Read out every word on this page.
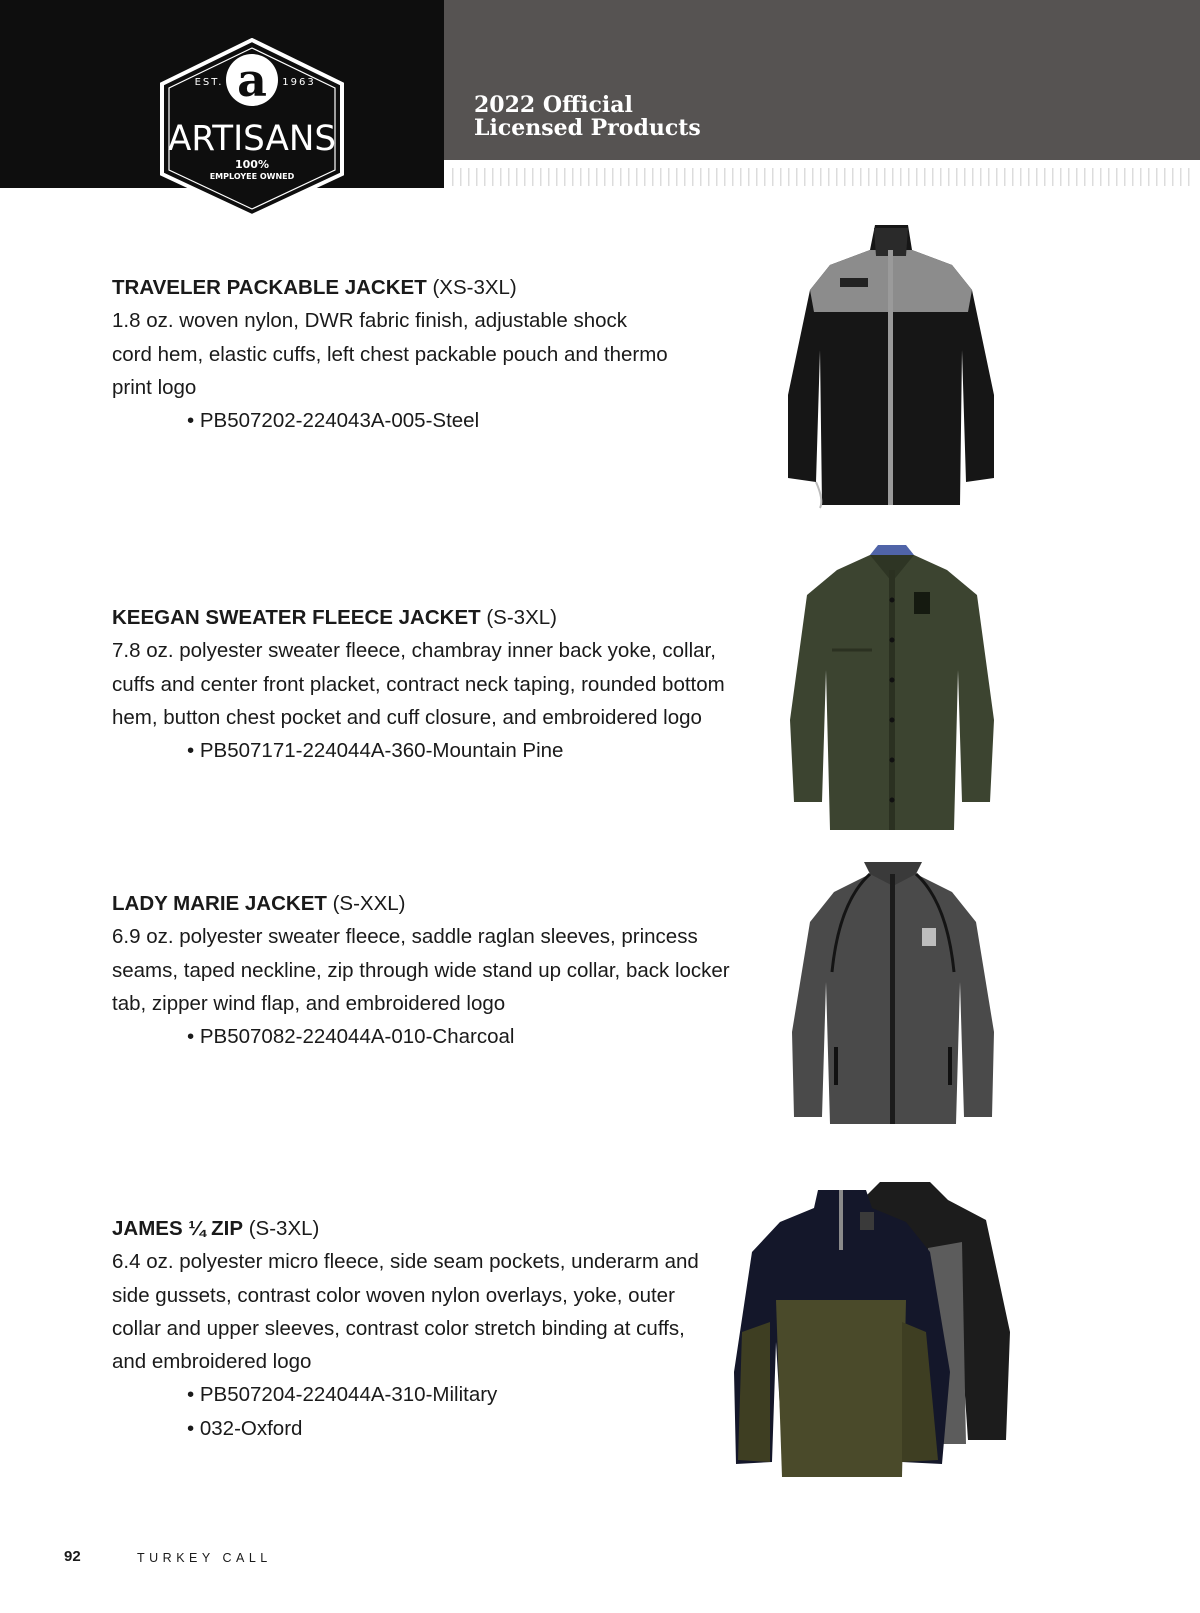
2022 Official
Licensed Products
a
EST.	1963
ARTISANS
100%
EMPLOYEE OWNED

TRAVELER PACKABLE JACKET (XS-3XL)

1.8 oz. woven nylon, DWR fabric finish, adjustable shock cord hem, elastic cuffs, left chest packable pouch and thermo print logo

• PB507202-224043A-005-Steel

KEEGAN SWEATER FLEECE JACKET (S-3XL)

7.8 oz. polyester sweater fleece, chambray inner back yoke, collar, cuffs and center front placket, contract neck taping, rounded bottom hem, button chest pocket and cuff closure, and embroidered logo

• PB507171-224044A-360-Mountain Pine

LADY MARIE JACKET (S-XXL)

6.9 oz. polyester sweater fleece, saddle raglan sleeves, princess seams, taped neckline, zip through wide stand up collar, back locker tab, zipper wind flap, and embroidered logo

• PB507082-224044A-010-Charcoal

JAMES ¼ ZIP (S-3XL)

6.4 oz. polyester micro fleece, side seam pockets, underarm and side gussets, contrast color woven nylon overlays, yoke, outer collar and upper sleeves, contrast color stretch binding at cuffs, and embroidered logo

• PB507204-224044A-310-Military
• 032-Oxford
92	TURKEY CALL
